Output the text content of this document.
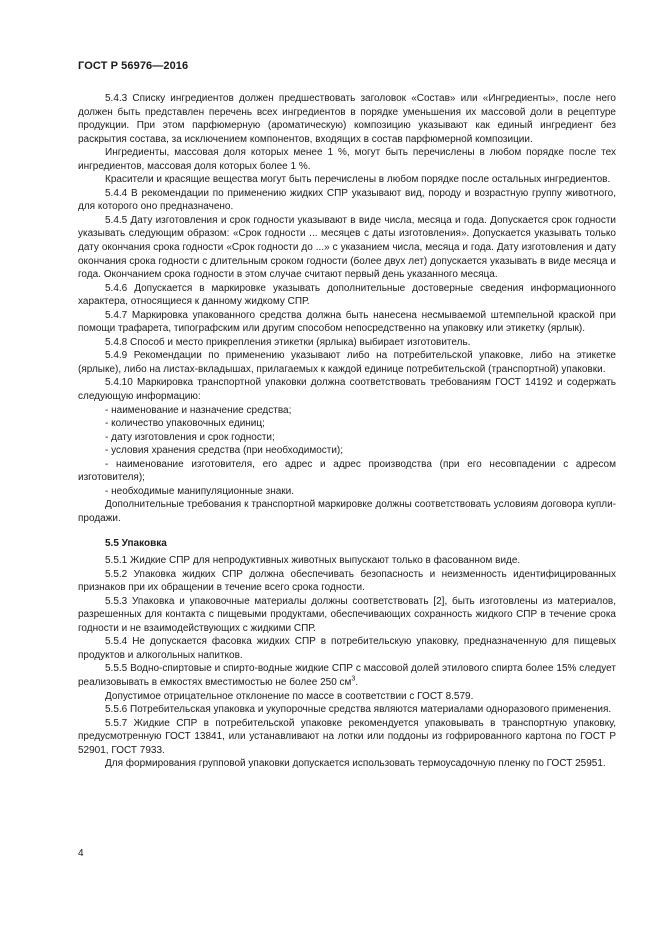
ГОСТ Р 56976—2016

5.4.3 Списку ингредиентов должен предшествовать заголовок «Состав» или «Ингредиенты», после него должен быть представлен перечень всех ингредиентов в порядке уменьшения их массовой доли в рецептуре продукции. При этом парфюмерную (ароматическую) композицию указывают как единый ингредиент без раскрытия состава, за исключением компонентов, входящих в состав парфюмерной композиции.

Ингредиенты, массовая доля которых менее 1 %, могут быть перечислены в любом порядке после тех ингредиентов, массовая доля которых более 1 %.

Красители и красящие вещества могут быть перечислены в любом порядке после остальных ингредиентов.

5.4.4 В рекомендации по применению жидких СПР указывают вид, породу и возрастную группу животного, для которого оно предназначено.

5.4.5 Дату изготовления и срок годности указывают в виде числа, месяца и года. Допускается срок годности указывать следующим образом: «Срок годности ... месяцев с даты изготовления». Допускается указывать только дату окончания срока годности «Срок годности до ...» с указанием числа, месяца и года. Дату изготовления и дату окончания срока годности с длительным сроком годности (более двух лет) допускается указывать в виде месяца и года. Окончанием срока годности в этом случае считают первый день указанного месяца.

5.4.6 Допускается в маркировке указывать дополнительные достоверные сведения информационного характера, относящиеся к данному жидкому СПР.

5.4.7 Маркировка упакованного средства должна быть нанесена несмываемой штемпельной краской при помощи трафарета, типографским или другим способом непосредственно на упаковку или этикетку (ярлык).

5.4.8 Способ и место прикрепления этикетки (ярлыка) выбирает изготовитель.

5.4.9 Рекомендации по применению указывают либо на потребительской упаковке, либо на этикетке (ярлыке), либо на листах-вкладышах, прилагаемых к каждой единице потребительской (транспортной) упаковки.

5.4.10 Маркировка транспортной упаковки должна соответствовать требованиям ГОСТ 14192 и содержать следующую информацию:

- наименование и назначение средства;

- количество упаковочных единиц;

- дату изготовления и срок годности;

- условия хранения средства (при необходимости);

- наименование изготовителя, его адрес и адрес производства (при его несовпадении с адресом изготовителя);

- необходимые манипуляционные знаки.

Дополнительные требования к транспортной маркировке должны соответствовать условиям договора купли-продажи.

5.5 Упаковка

5.5.1 Жидкие СПР для непродуктивных животных выпускают только в фасованном виде.

5.5.2 Упаковка жидких СПР должна обеспечивать безопасность и неизменность идентифицированных признаков при их обращении в течение всего срока годности.

5.5.3 Упаковка и упаковочные материалы должны соответствовать [2], быть изготовлены из материалов, разрешенных для контакта с пищевыми продуктами, обеспечивающих сохранность жидкого СПР в течение срока годности и не взаимодействующих с жидкими СПР.

5.5.4 Не допускается фасовка жидких СПР в потребительскую упаковку, предназначенную для пищевых продуктов и алкогольных напитков.

5.5.5 Водно-спиртовые и спирто-водные жидкие СПР с массовой долей этилового спирта более 15% следует реализовывать в емкостях вместимостью не более 250 $см^3$.

Допустимое отрицательное отклонение по массе в соответствии с ГОСТ 8.579.

5.5.6 Потребительская упаковка и укупорочные средства являются материалами одноразового применения.

5.5.7 Жидкие СПР в потребительской упаковке рекомендуется упаковывать в транспортную упаковку, предусмотренную ГОСТ 13841, или устанавливают на лотки или поддоны из гофрированного картона по ГОСТ Р 52901, ГОСТ 7933.

Для формирования групповой упаковки допускается использовать термоусадочную пленку по ГОСТ 25951.

4
